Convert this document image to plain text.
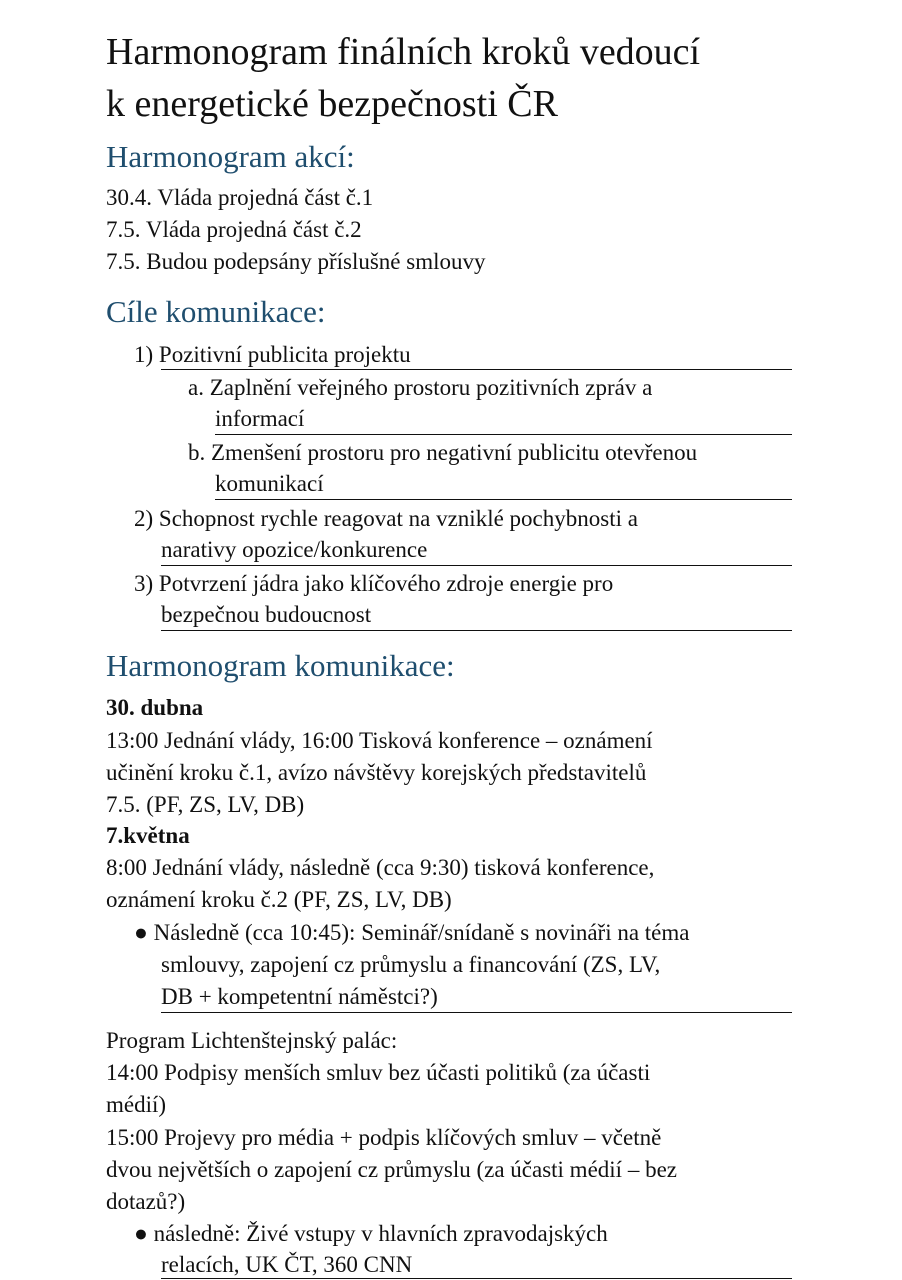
Harmonogram finálních kroků vedoucí
k energetické bezpečnosti ČR
Harmonogram akcí:

30.4. Vláda projedná část č.1

7.5. Vláda projedná část č.2

7.5. Budou podepsány příslušné smlouvy

Cíle komunikace:

1) Pozitivní publicita projektu

a. Zaplnění veřejného prostoru pozitivních zpráv a

informací

b. Zmenšení prostoru pro negativní publicitu otevřenou

komunikací

2) Schopnost rychle reagovat na vzniklé pochybnosti a

narativy opozice/konkurence

3) Potvrzení jádra jako klíčového zdroje energie pro

bezpečnou budoucnost

Harmonogram komunikace:

30. dubna

13:00 Jednání vlády, 16:00 Tisková konference – oznámení

učinění kroku č.1, avízo návštěvy korejských představitelů

7.5. (PF, ZS, LV, DB)

7.května

8:00 Jednání vlády, následně (cca 9:30) tisková konference,

oznámení kroku č.2 (PF, ZS, LV, DB)

● Následně (cca 10:45): Seminář/snídaně s novináři na téma

smlouvy, zapojení cz průmyslu a financování (ZS, LV,

DB + kompetentní náměstci?)

Program Lichtenštejnský palác:

14:00 Podpisy menších smluv bez účasti politiků (za účasti

médií)

15:00 Projevy pro média + podpis klíčových smluv – včetně

dvou největších o zapojení cz průmyslu (za účasti médií – bez

dotazů?)

● následně: Živé vstupy v hlavních zpravodajských

relacích, UK ČT, 360 CNN
